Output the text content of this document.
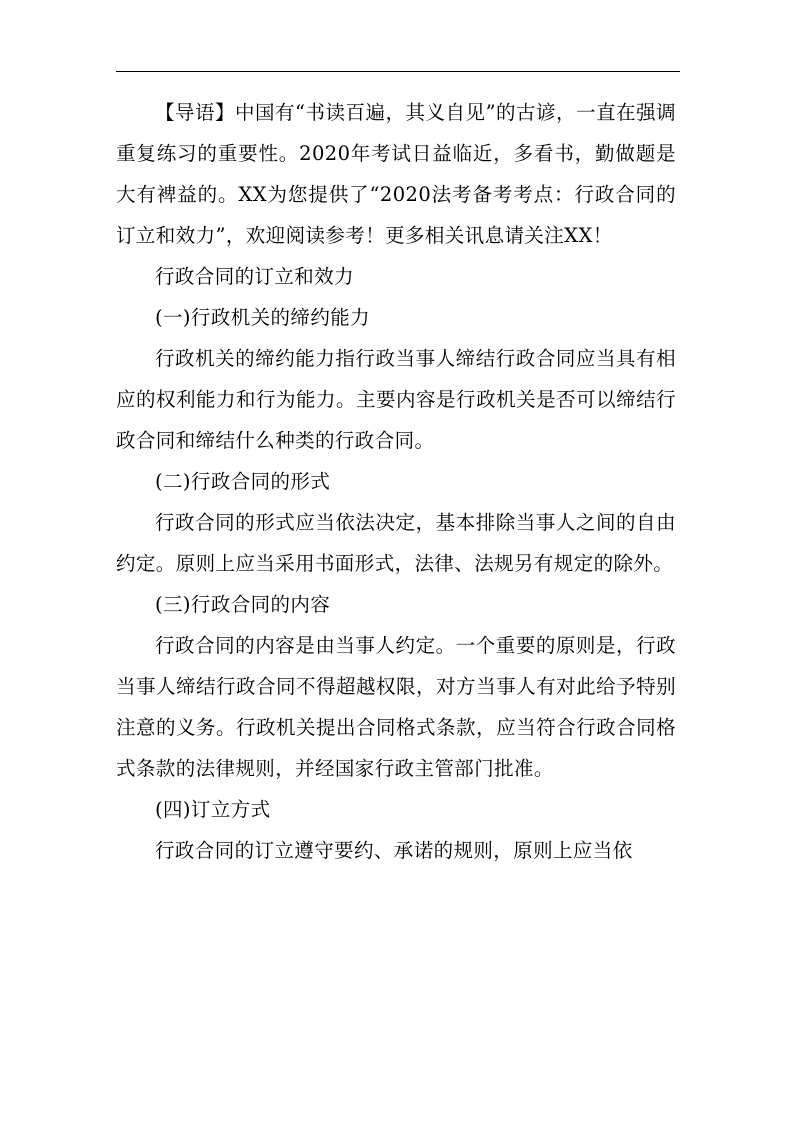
【导语】中国有“书读百遍，其义自见”的古谚，一直在强调重复练习的重要性。2020年考试日益临近，多看书，勤做题是大有裨益的。XX为您提供了“2020法考备考考点：行政合同的订立和效力”，欢迎阅读参考！更多相关讯息请关注XX！

行政合同的订立和效力

(一)行政机关的缔约能力

行政机关的缔约能力指行政当事人缔结行政合同应当具有相应的权利能力和行为能力。主要内容是行政机关是否可以缔结行政合同和缔结什么种类的行政合同。

(二)行政合同的形式

行政合同的形式应当依法决定，基本排除当事人之间的自由约定。原则上应当采用书面形式，法律、法规另有规定的除外。

(三)行政合同的内容

行政合同的内容是由当事人约定。一个重要的原则是，行政当事人缔结行政合同不得超越权限，对方当事人有对此给予特别注意的义务。行政机关提出合同格式条款，应当符合行政合同格式条款的法律规则，并经国家行政主管部门批准。

(四)订立方式

行政合同的订立遵守要约、承诺的规则，原则上应当依
